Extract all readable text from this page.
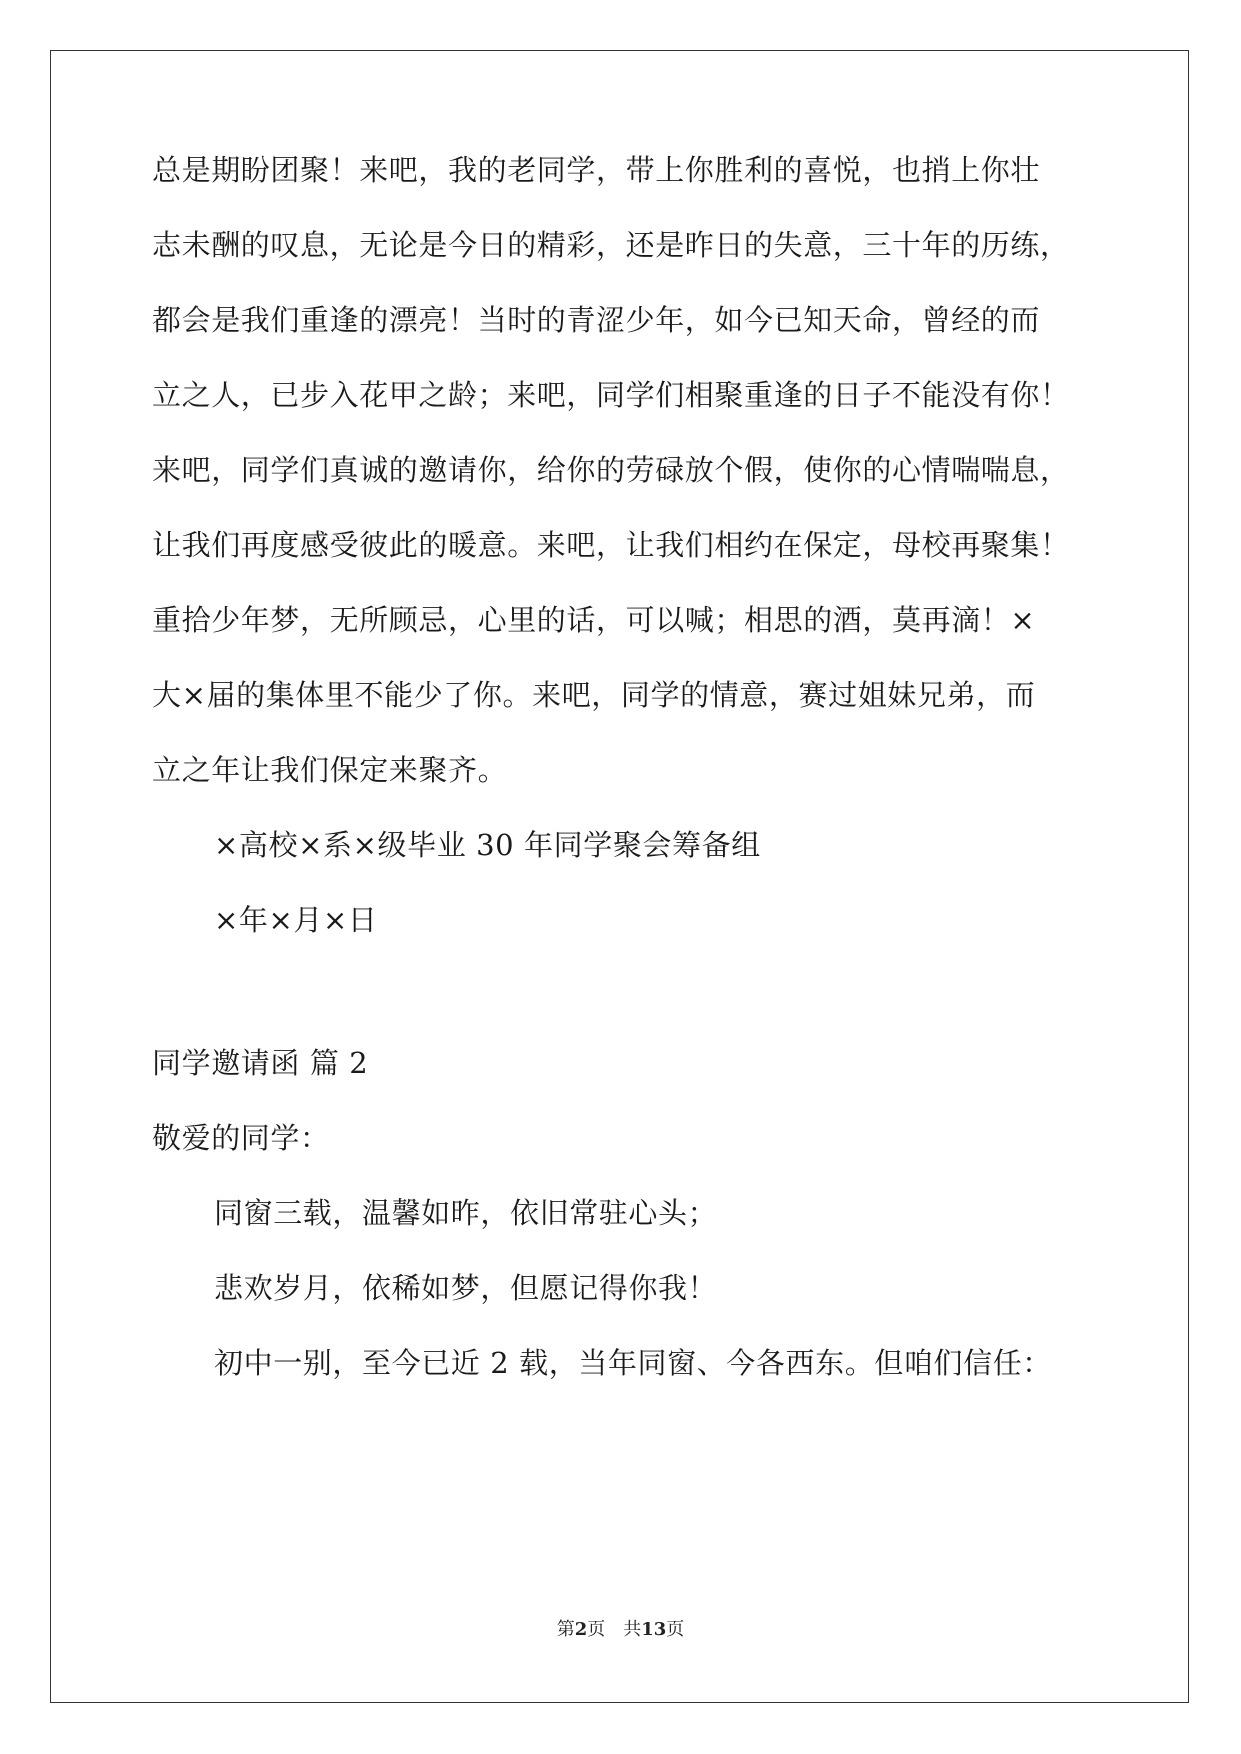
总是期盼团聚！来吧，我的老同学，带上你胜利的喜悦，也捎上你壮
志未酬的叹息，无论是今日的精彩，还是昨日的失意，三十年的历练，
都会是我们重逢的漂亮！当时的青涩少年，如今已知天命，曾经的而
立之人，已步入花甲之龄；来吧，同学们相聚重逢的日子不能没有你！
来吧，同学们真诚的邀请你，给你的劳碌放个假，使你的心情喘喘息，
让我们再度感受彼此的暖意。来吧，让我们相约在保定，母校再聚集！
重拾少年梦，无所顾忌，心里的话，可以喊；相思的酒，莫再滴！×
大×届的集体里不能少了你。来吧，同学的情意，赛过姐妹兄弟，而
立之年让我们保定来聚齐。
×高校×系×级毕业 30 年同学聚会筹备组
×年×月×日
同学邀请函 篇 2
敬爱的同学：
同窗三载，温馨如昨，依旧常驻心头；
悲欢岁月，依稀如梦，但愿记得你我！
初中一别，至今已近 2 载，当年同窗、今各西东。但咱们信任：
第2页　共13页
